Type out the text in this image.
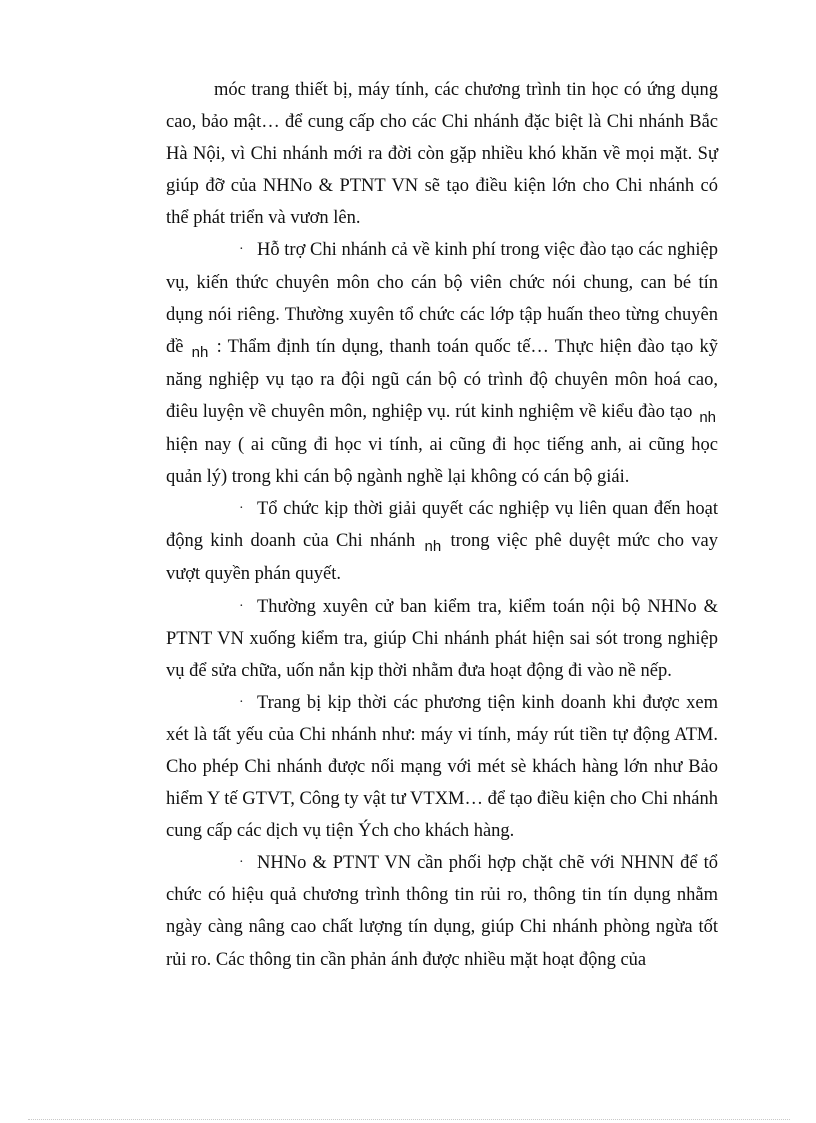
móc trang thiết bị, máy tính, các chương trình tin học có ứng dụng cao, bảo mật… để cung cấp cho các Chi nhánh đặc biệt là Chi nhánh Bắc Hà Nội, vì Chi nhánh mới ra đời còn gặp nhiều khó khăn về mọi mặt. Sự giúp đỡ của NHNo & PTNT VN sẽ tạo điều kiện lớn cho Chi nhánh có thể phát triển và vươn lên.

· Hỗ trợ Chi nhánh cả về kinh phí trong việc đào tạo các nghiệp vụ, kiến thức chuyên môn cho cán bộ viên chức nói chung, can bé tín dụng nói riêng. Thường xuyên tổ chức các lớp tập huấn theo từng chuyên đề $_{nh}$ : Thẩm định tín dụng, thanh toán quốc tế… Thực hiện đào tạo kỹ năng nghiệp vụ tạo ra đội ngũ cán bộ có trình độ chuyên môn hoá cao, điêu luyện về chuyên môn, nghiệp vụ. rút kinh nghiệm về kiểu đào tạo $_{nh}$ hiện nay ( ai cũng đi học vi tính, ai cũng đi học tiếng anh, ai cũng học quản lý) trong khi cán bộ ngành nghề lại không có cán bộ giái.

· Tổ chức kịp thời giải quyết các nghiệp vụ liên quan đến hoạt động kinh doanh của Chi nhánh $_{nh}$ trong việc phê duyệt mức cho vay vượt quyền phán quyết.

· Thường xuyên cử ban kiểm tra, kiểm toán nội bộ NHNo & PTNT VN xuống kiểm tra, giúp Chi nhánh phát hiện sai sót trong nghiệp vụ để sửa chữa, uốn nắn kịp thời nhằm đưa hoạt động đi vào nề nếp.

· Trang bị kịp thời các phương tiện kinh doanh khi được xem xét là tất yếu của Chi nhánh như: máy vi tính, máy rút tiền tự động ATM. Cho phép Chi nhánh được nối mạng với mét sè khách hàng lớn như Bảo hiểm Y tế GTVT, Công ty vật tư VTXM… để tạo điều kiện cho Chi nhánh cung cấp các dịch vụ tiện Ých cho khách hàng.

· NHNo & PTNT VN cần phối hợp chặt chẽ với NHNN để tổ chức có hiệu quả chương trình thông tin rủi ro, thông tin tín dụng nhằm ngày càng nâng cao chất lượng tín dụng, giúp Chi nhánh phòng ngừa tốt rủi ro. Các thông tin cần phản ánh được nhiều mặt hoạt động của
